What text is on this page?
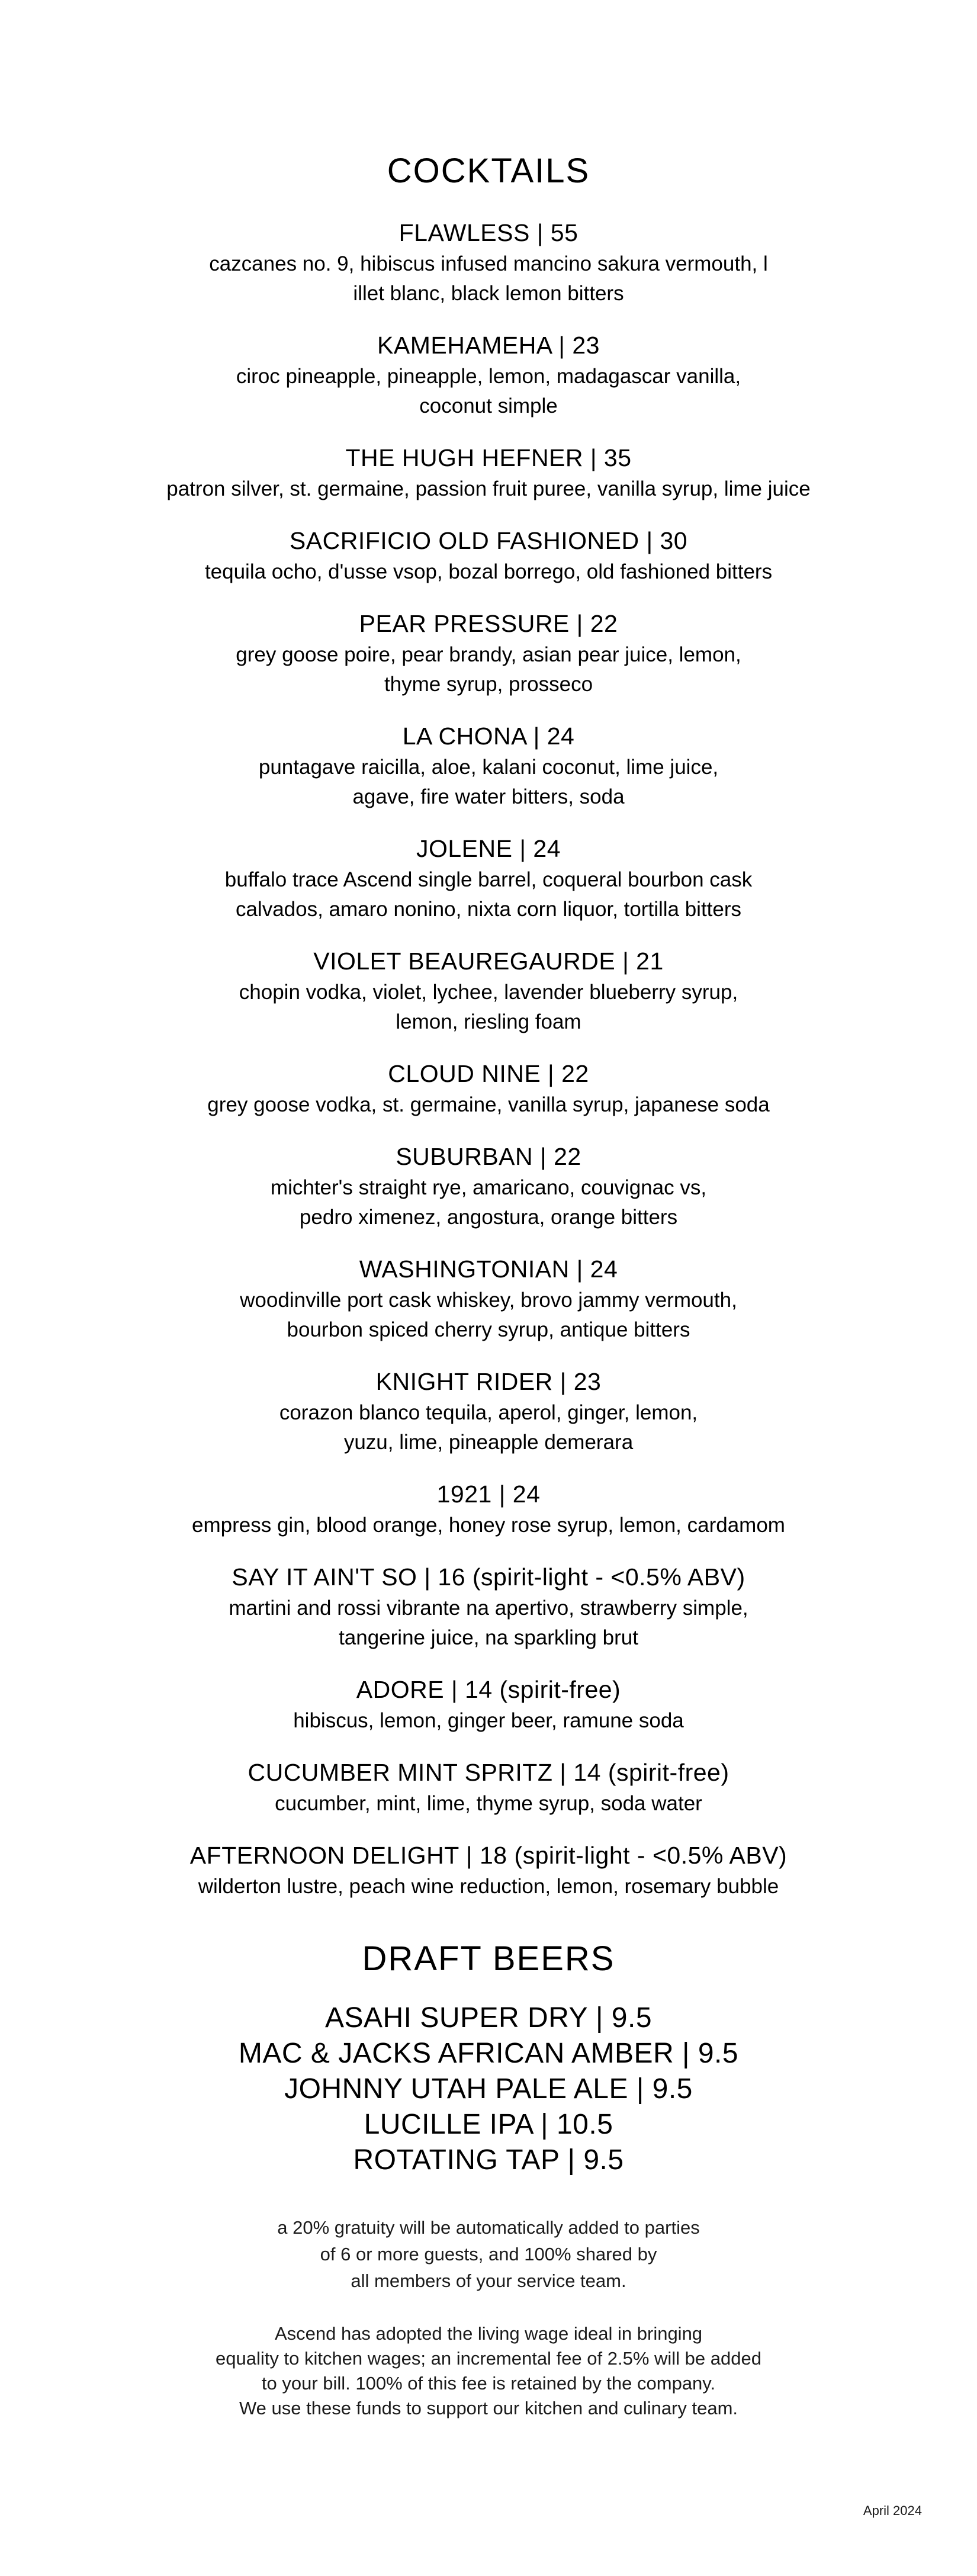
COCKTAILS
FLAWLESS | 55
cazcanes no. 9, hibiscus infused mancino sakura vermouth, l
illet blanc, black lemon bitters
KAMEHAMEHA | 23
ciroc pineapple, pineapple, lemon, madagascar vanilla,
coconut simple
THE HUGH HEFNER | 35
patron silver, st. germaine, passion fruit puree, vanilla syrup, lime juice
SACRIFICIO OLD FASHIONED | 30
tequila ocho, d'usse vsop, bozal borrego, old fashioned bitters
PEAR PRESSURE | 22
grey goose poire, pear brandy, asian pear juice, lemon,
thyme syrup, prosseco
LA CHONA | 24
puntagave raicilla, aloe, kalani coconut, lime juice,
agave, fire water bitters, soda
JOLENE | 24
buffalo trace Ascend single barrel, coqueral bourbon cask
calvados, amaro nonino, nixta corn liquor, tortilla bitters
VIOLET BEAUREGAURDE | 21
chopin vodka, violet, lychee, lavender blueberry syrup,
lemon, riesling foam
CLOUD NINE | 22
grey goose vodka, st. germaine, vanilla syrup, japanese soda
SUBURBAN | 22
michter's straight rye, amaricano, couvignac vs,
pedro ximenez, angostura, orange bitters
WASHINGTONIAN | 24
woodinville port cask whiskey, brovo jammy vermouth,
bourbon spiced cherry syrup, antique bitters
KNIGHT RIDER | 23
corazon blanco tequila, aperol, ginger, lemon,
yuzu, lime, pineapple demerara
1921 | 24
empress gin, blood orange, honey rose syrup, lemon, cardamom
SAY IT AIN'T SO | 16 (spirit-light - <0.5% ABV)
martini and rossi vibrante na apertivo, strawberry simple,
tangerine juice, na sparkling brut
ADORE | 14 (spirit-free)
hibiscus, lemon, ginger beer, ramune soda
CUCUMBER MINT SPRITZ | 14 (spirit-free)
cucumber, mint, lime, thyme syrup, soda water
AFTERNOON DELIGHT | 18 (spirit-light - <0.5% ABV)
wilderton lustre, peach wine reduction, lemon, rosemary bubble
DRAFT BEERS
ASAHI SUPER DRY | 9.5
MAC & JACKS AFRICAN AMBER | 9.5
JOHNNY UTAH PALE ALE | 9.5
LUCILLE IPA | 10.5
ROTATING TAP | 9.5
a 20% gratuity will be automatically added to parties
of 6 or more guests, and 100% shared by
all members of your service team.
Ascend has adopted the living wage ideal in bringing
equality to kitchen wages; an incremental fee of 2.5% will be added
to your bill. 100% of this fee is retained by the company.
We use these funds to support our kitchen and culinary team.
April 2024
